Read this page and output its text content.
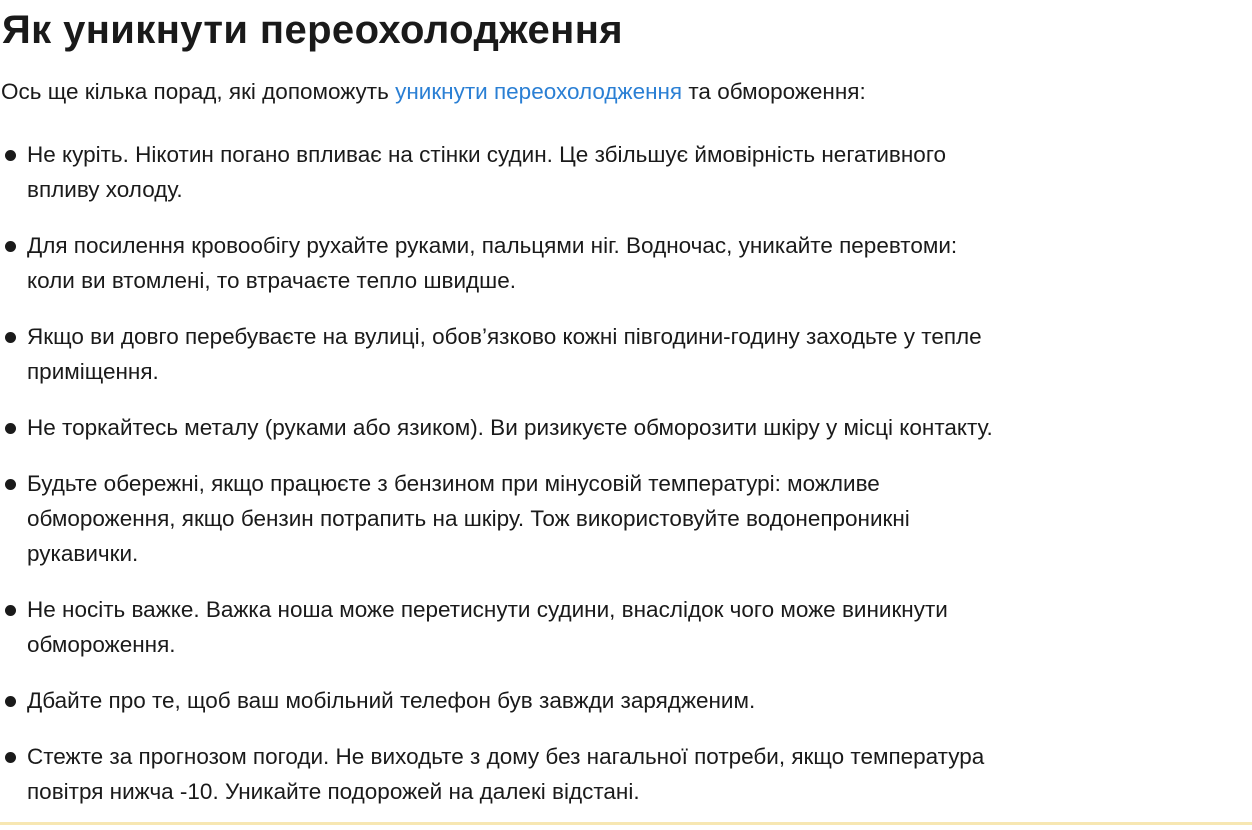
Як уникнути переохолодження

Ось ще кілька порад, які допоможуть уникнути переохолодження та обмороження:

Не куріть. Нікотин погано впливає на стінки судин. Це збільшує ймовірність негативного
впливу холоду.
Для посилення кровообігу рухайте руками, пальцями ніг. Водночас, уникайте перевтоми:
коли ви втомлені, то втрачаєте тепло швидше.
Якщо ви довго перебуваєте на вулиці, обов’язково кожні півгодини-годину заходьте у тепле
приміщення.
Не торкайтесь металу (руками або язиком). Ви ризикуєте обморозити шкіру у місці контакту.
Будьте обережні, якщо працюєте з бензином при мінусовій температурі: можливе
обмороження, якщо бензин потрапить на шкіру. Тож використовуйте водонепроникні
рукавички.
Не носіть важке. Важка ноша може перетиснути судини, внаслідок чого може виникнути
обмороження.
Дбайте про те, щоб ваш мобільний телефон був завжди зарядженим.
Стежте за прогнозом погоди. Не виходьте з дому без нагальної потреби, якщо температура
повітря нижча -10. Уникайте подорожей на далекі відстані.
